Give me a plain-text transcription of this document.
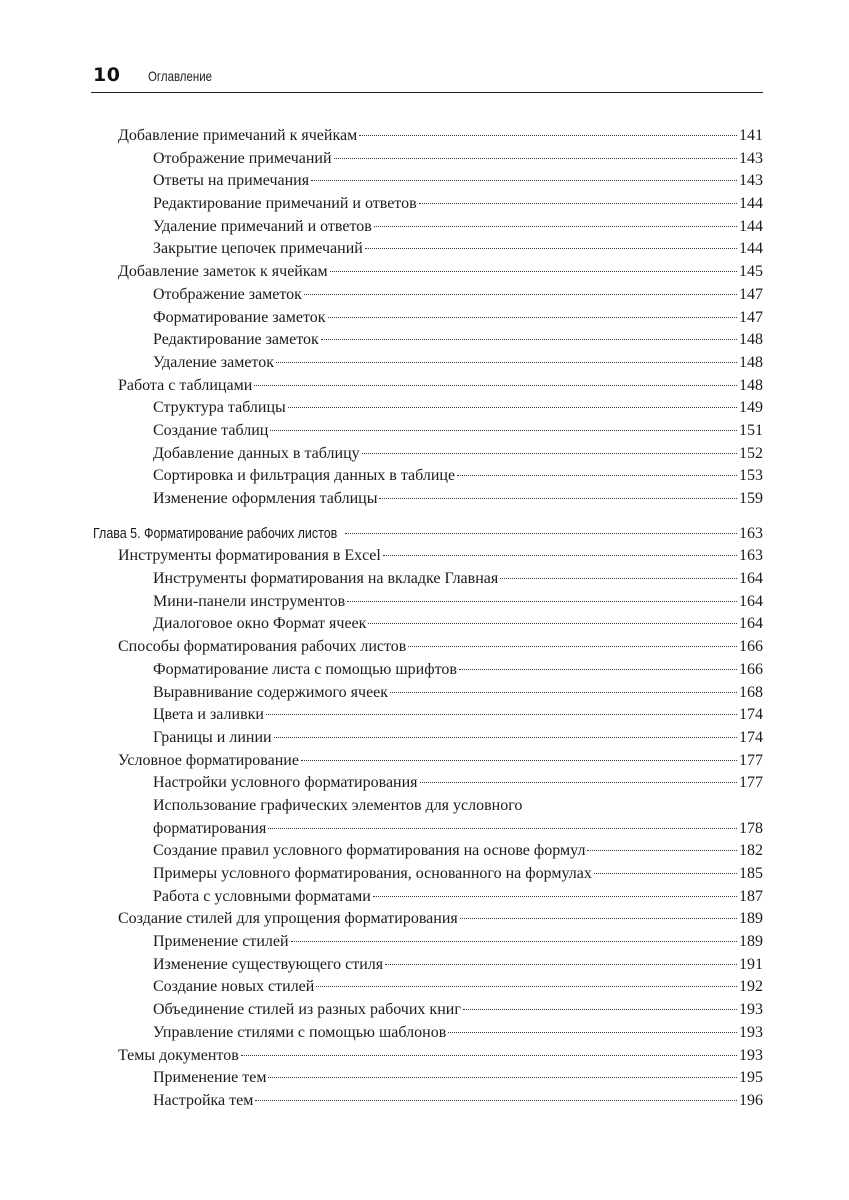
10 Оглавление
Добавление примечаний к ячейкам	141
Отображение примечаний	143
Ответы на примечания	143
Редактирование примечаний и ответов	144
Удаление примечаний и ответов	144
Закрытие цепочек примечаний	144
Добавление заметок к ячейкам	145
Отображение заметок	147
Форматирование заметок	147
Редактирование заметок	148
Удаление заметок	148
Работа с таблицами	148
Структура таблицы	149
Создание таблиц	151
Добавление данных в таблицу	152
Сортировка и фильтрация данных в таблице	153
Изменение оформления таблицы	159
Глава 5. Форматирование рабочих листов	163
Инструменты форматирования в Excel	163
Инструменты форматирования на вкладке Главная	164
Мини-панели инструментов	164
Диалоговое окно Формат ячеек	164
Способы форматирования рабочих листов	166
Форматирование листа с помощью шрифтов	166
Выравнивание содержимого ячеек	168
Цвета и заливки	174
Границы и линии	174
Условное форматирование	177
Настройки условного форматирования	177
Использование графических элементов для условного
форматирования	178
Создание правил условного форматирования на основе формул	182
Примеры условного форматирования, основанного на формулах	185
Работа с условными форматами	187
Создание стилей для упрощения форматирования	189
Применение стилей	189
Изменение существующего стиля	191
Создание новых стилей	192
Объединение стилей из разных рабочих книг	193
Управление стилями с помощью шаблонов	193
Темы документов	193
Применение тем	195
Настройка тем	196
